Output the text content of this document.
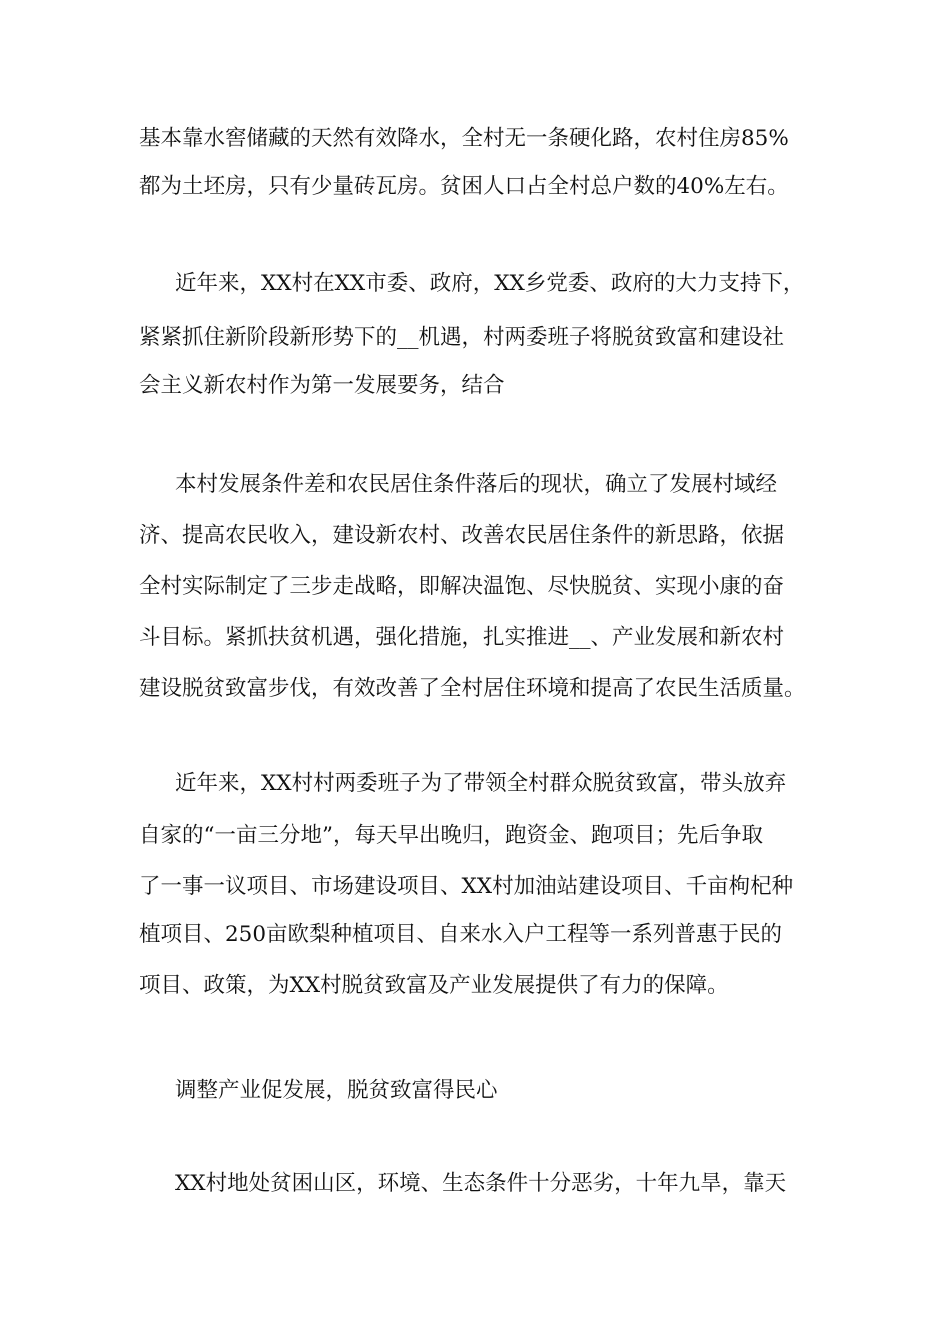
基本靠水窖储藏的天然有效降水，全村无一条硬化路，农村住房85%

都为土坯房，只有少量砖瓦房。贫困人口占全村总户数的40%左右。

近年来，XX村在XX市委、政府，XX乡党委、政府的大力支持下，

紧紧抓住新阶段新形势下的__机遇，村两委班子将脱贫致富和建设社

会主义新农村作为第一发展要务，结合

本村发展条件差和农民居住条件落后的现状，确立了发展村域经

济、提高农民收入，建设新农村、改善农民居住条件的新思路，依据

全村实际制定了三步走战略，即解决温饱、尽快脱贫、实现小康的奋

斗目标。紧抓扶贫机遇，强化措施，扎实推进__、产业发展和新农村

建设脱贫致富步伐，有效改善了全村居住环境和提高了农民生活质量。

近年来，XX村村两委班子为了带领全村群众脱贫致富，带头放弃

自家的“一亩三分地”，每天早出晚归，跑资金、跑项目；先后争取

了一事一议项目、市场建设项目、XX村加油站建设项目、千亩枸杞种

植项目、250亩欧梨种植项目、自来水入户工程等一系列普惠于民的

项目、政策，为XX村脱贫致富及产业发展提供了有力的保障。

调整产业促发展，脱贫致富得民心

XX村地处贫困山区，环境、生态条件十分恶劣，十年九旱，靠天
